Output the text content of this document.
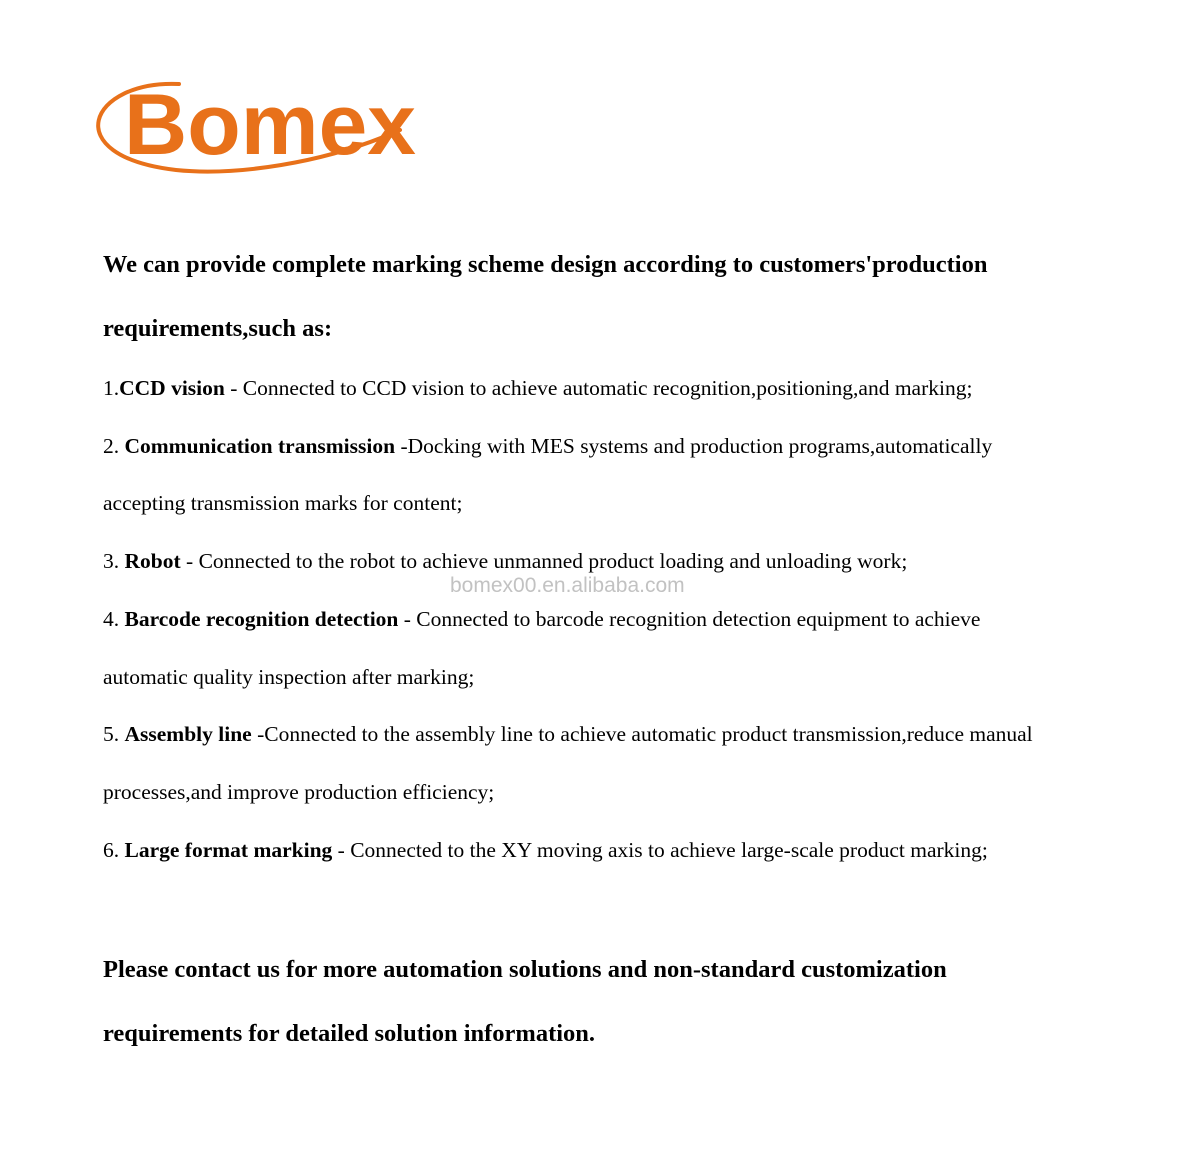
Bomex

We can provide complete marking scheme design according to customers'production
requirements,such as:

1.CCD vision - Connected to CCD vision to achieve automatic recognition,positioning,and marking;
2. Communication transmission -Docking with MES systems and production programs,automatically
accepting transmission marks for content;
3. Robot - Connected to the robot to achieve unmanned product loading and unloading work;
4. Barcode recognition detection - Connected to barcode recognition detection equipment to achieve
automatic quality inspection after marking;
5. Assembly line -Connected to the assembly line to achieve automatic product transmission,reduce manual
processes,and improve production efficiency;
6. Large format marking - Connected to the XY moving axis to achieve large-scale product marking;
bomex00.en.alibaba.com

Please contact us for more automation solutions and non-standard customization
requirements for detailed solution information.
